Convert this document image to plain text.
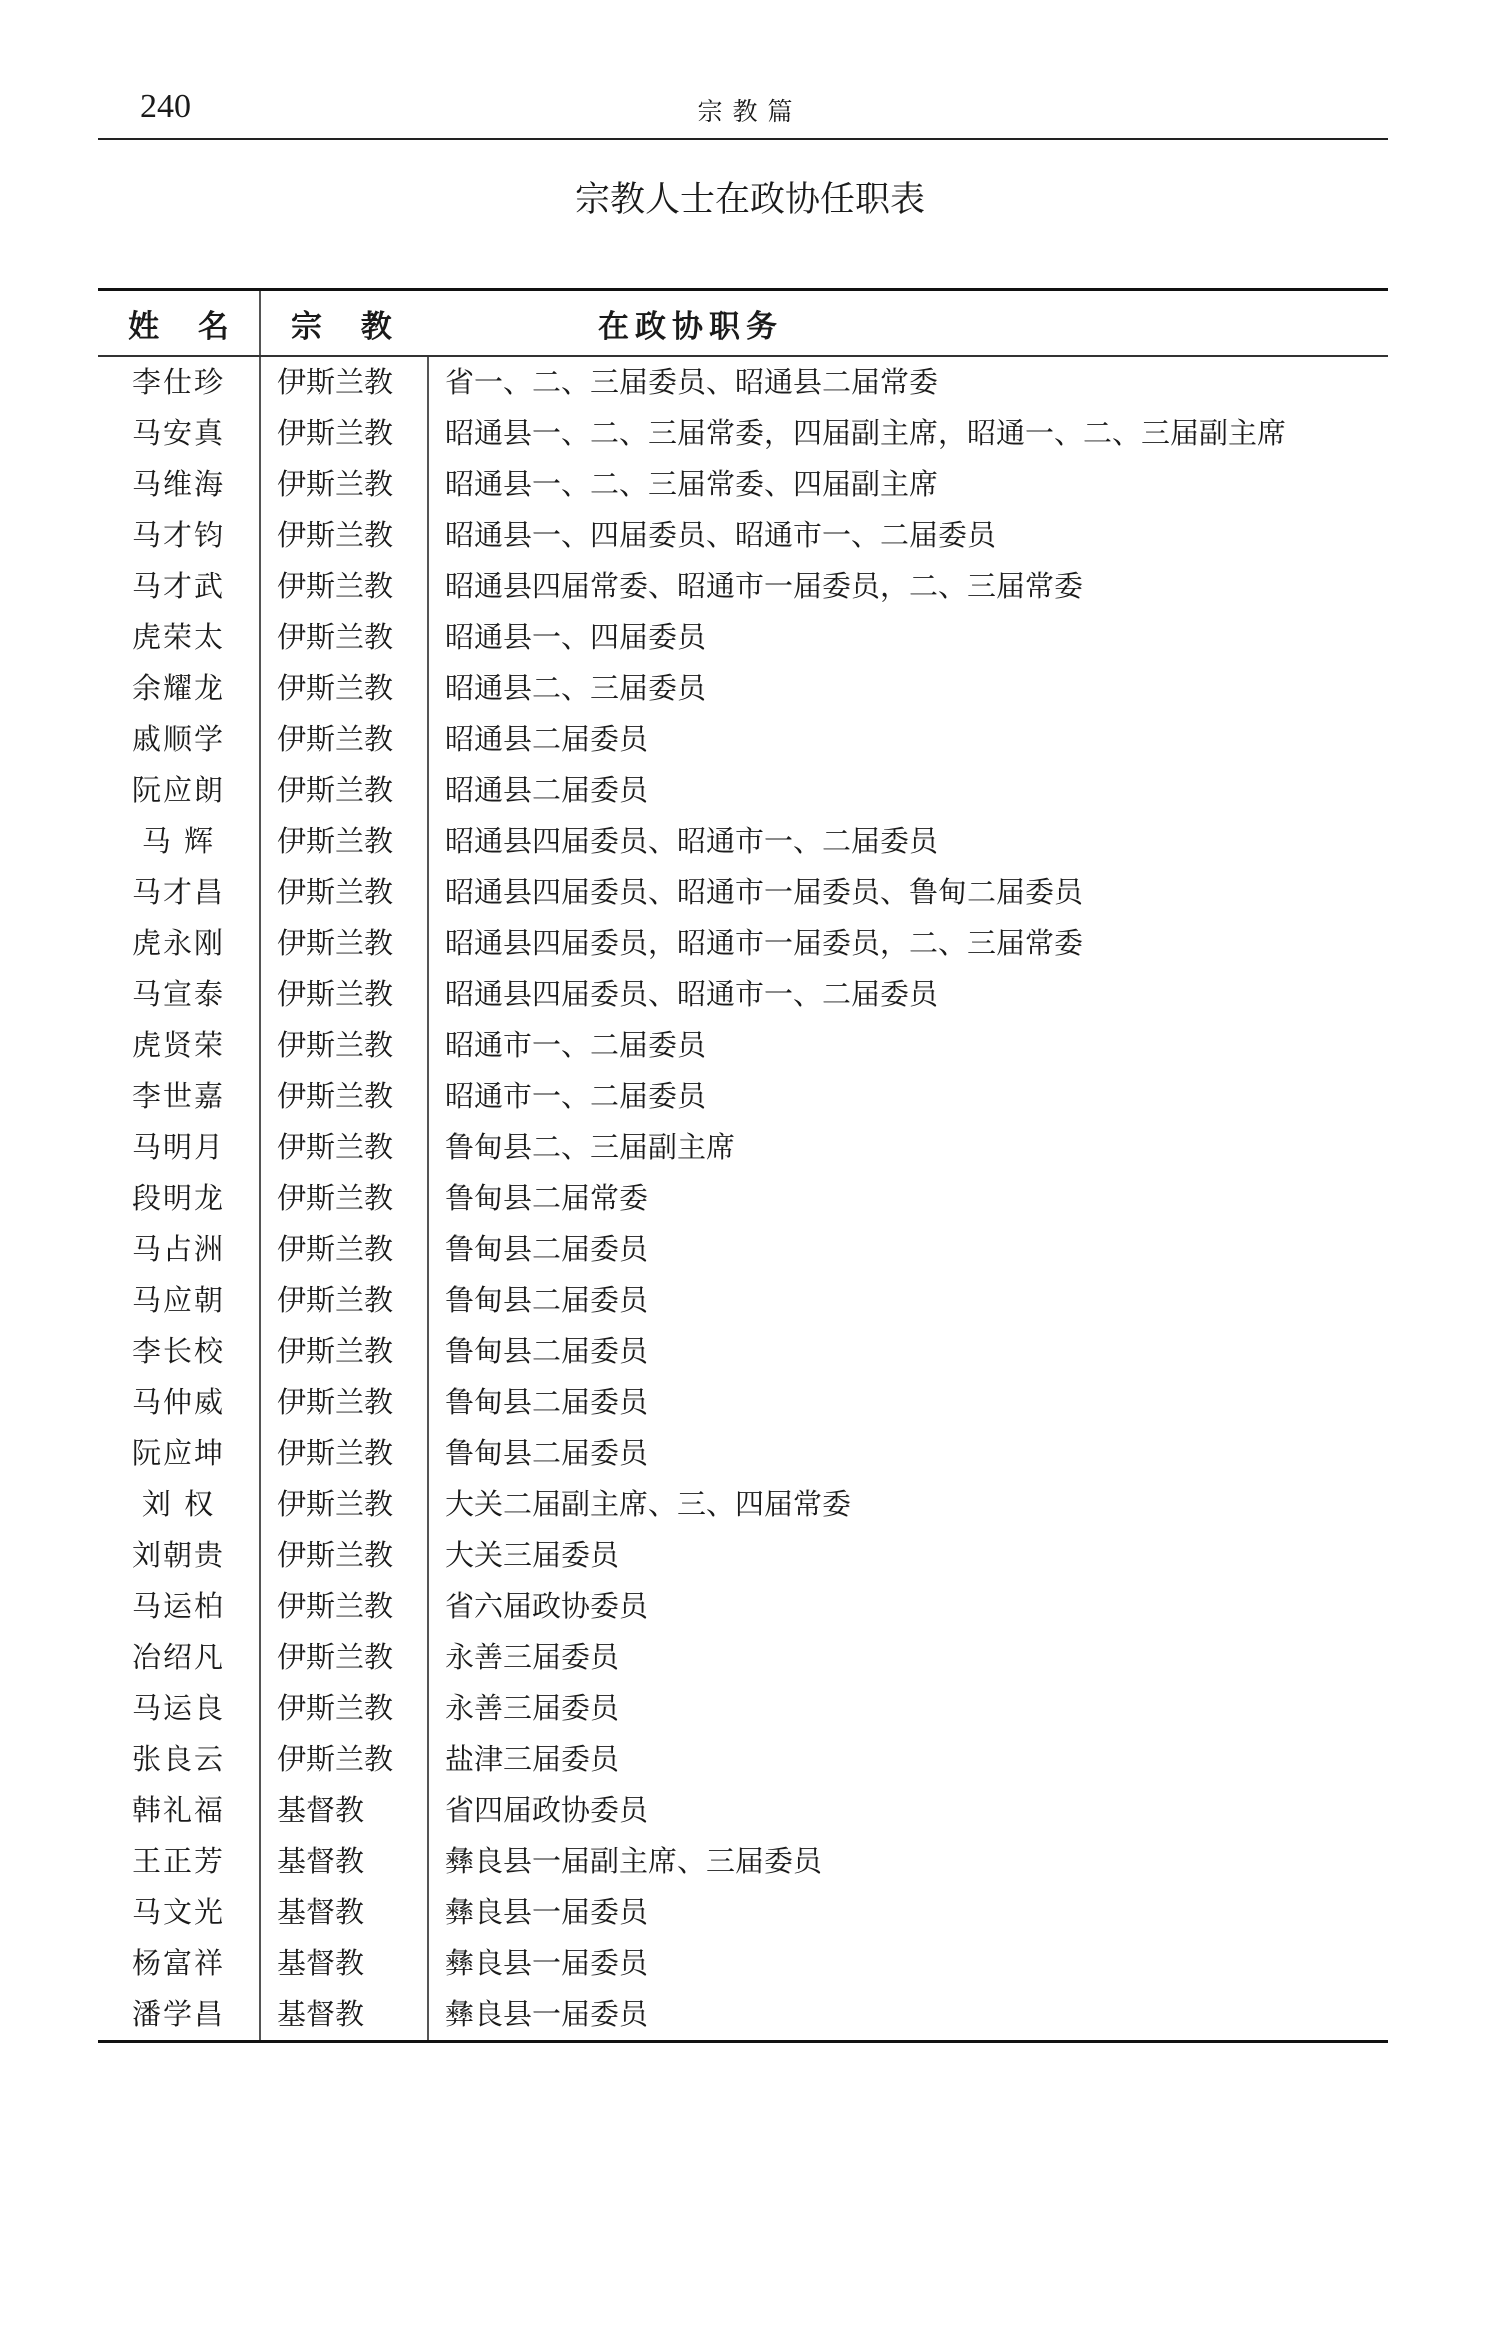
240	宗教篇
宗教人士在政协任职表
姓 名	宗 教	在政协职务
李仕珍	伊斯兰教	省一、二、三届委员、昭通县二届常委
马安真	伊斯兰教	昭通县一、二、三届常委，四届副主席，昭通一、二、三届副主席
马维海	伊斯兰教	昭通县一、二、三届常委、四届副主席
马才钧	伊斯兰教	昭通县一、四届委员、昭通市一、二届委员
马才武	伊斯兰教	昭通县四届常委、昭通市一届委员，二、三届常委
虎荣太	伊斯兰教	昭通县一、四届委员
余耀龙	伊斯兰教	昭通县二、三届委员
戚顺学	伊斯兰教	昭通县二届委员
阮应朗	伊斯兰教	昭通县二届委员
马 辉	伊斯兰教	昭通县四届委员、昭通市一、二届委员
马才昌	伊斯兰教	昭通县四届委员、昭通市一届委员、鲁甸二届委员
虎永刚	伊斯兰教	昭通县四届委员，昭通市一届委员，二、三届常委
马宣泰	伊斯兰教	昭通县四届委员、昭通市一、二届委员
虎贤荣	伊斯兰教	昭通市一、二届委员
李世嘉	伊斯兰教	昭通市一、二届委员
马明月	伊斯兰教	鲁甸县二、三届副主席
段明龙	伊斯兰教	鲁甸县二届常委
马占洲	伊斯兰教	鲁甸县二届委员
马应朝	伊斯兰教	鲁甸县二届委员
李长校	伊斯兰教	鲁甸县二届委员
马仲威	伊斯兰教	鲁甸县二届委员
阮应坤	伊斯兰教	鲁甸县二届委员
刘 权	伊斯兰教	大关二届副主席、三、四届常委
刘朝贵	伊斯兰教	大关三届委员
马运柏	伊斯兰教	省六届政协委员
冶绍凡	伊斯兰教	永善三届委员
马运良	伊斯兰教	永善三届委员
张良云	伊斯兰教	盐津三届委员
韩礼福	基督教	省四届政协委员
王正芳	基督教	彝良县一届副主席、三届委员
马文光	基督教	彝良县一届委员
杨富祥	基督教	彝良县一届委员
潘学昌	基督教	彝良县一届委员
